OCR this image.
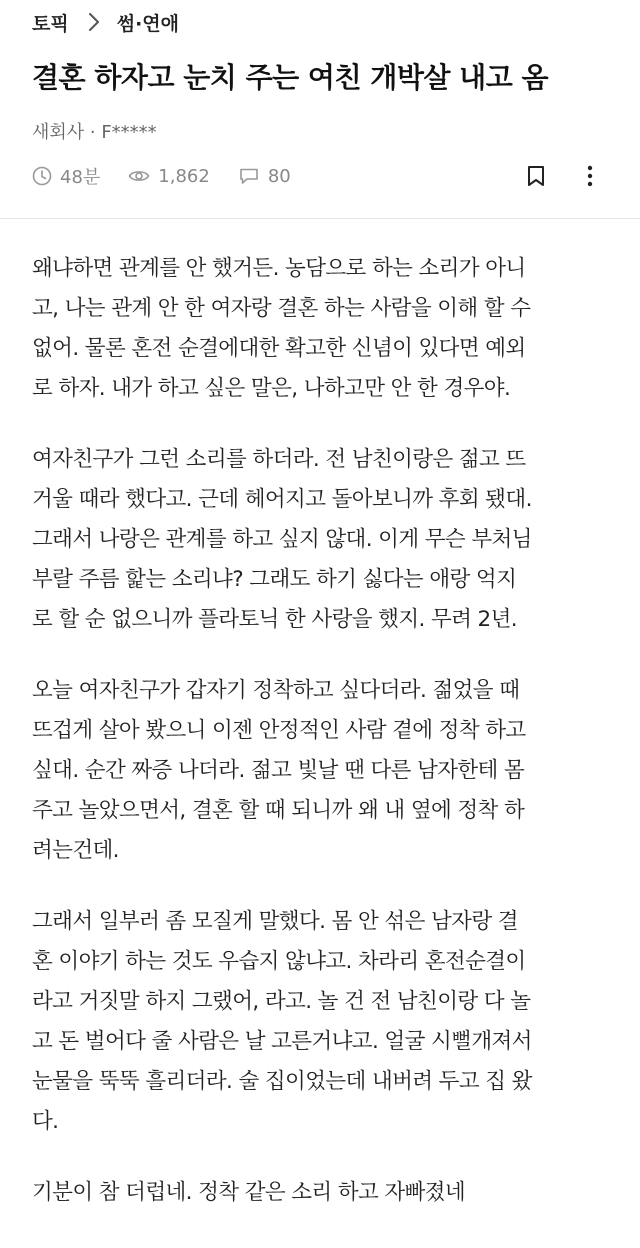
토픽	썸·연애
결혼 하자고 눈치 주는 여친 개박살 내고 옴
새회사 · F*****
48분	1,862	80

왜냐하면 관계를 안 했거든. 농담으로 하는 소리가 아니
고, 나는 관계 안 한 여자랑 결혼 하는 사람을 이해 할 수
없어. 물론 혼전 순결에대한 확고한 신념이 있다면 예외
로 하자. 내가 하고 싶은 말은, 나하고만 안 한 경우야.

여자친구가 그런 소리를 하더라. 전 남친이랑은 젊고 뜨
거울 때라 했다고. 근데 헤어지고 돌아보니까 후회 됐대.
그래서 나랑은 관계를 하고 싶지 않대. 이게 무슨 부처님
부랄 주름 핥는 소리냐? 그래도 하기 싫다는 애랑 억지
로 할 순 없으니까 플라토닉 한 사랑을 했지. 무려 2년.

오늘 여자친구가 갑자기 정착하고 싶다더라. 젊었을 때
뜨겁게 살아 봤으니 이젠 안정적인 사람 곁에 정착 하고
싶대. 순간 짜증 나더라. 젊고 빛날 땐 다른 남자한테 몸
주고 놀았으면서, 결혼 할 때 되니까 왜 내 옆에 정착 하
려는건데.

그래서 일부러 좀 모질게 말했다. 몸 안 섞은 남자랑 결
혼 이야기 하는 것도 우습지 않냐고. 차라리 혼전순결이
라고 거짓말 하지 그랬어, 라고. 놀 건 전 남친이랑 다 놀
고 돈 벌어다 줄 사람은 날 고른거냐고. 얼굴 시뻘개져서
눈물을 뚝뚝 흘리더라. 술 집이었는데 내버려 두고 집 왔
다.

기분이 참 더럽네. 정착 같은 소리 하고 자빠졌네
